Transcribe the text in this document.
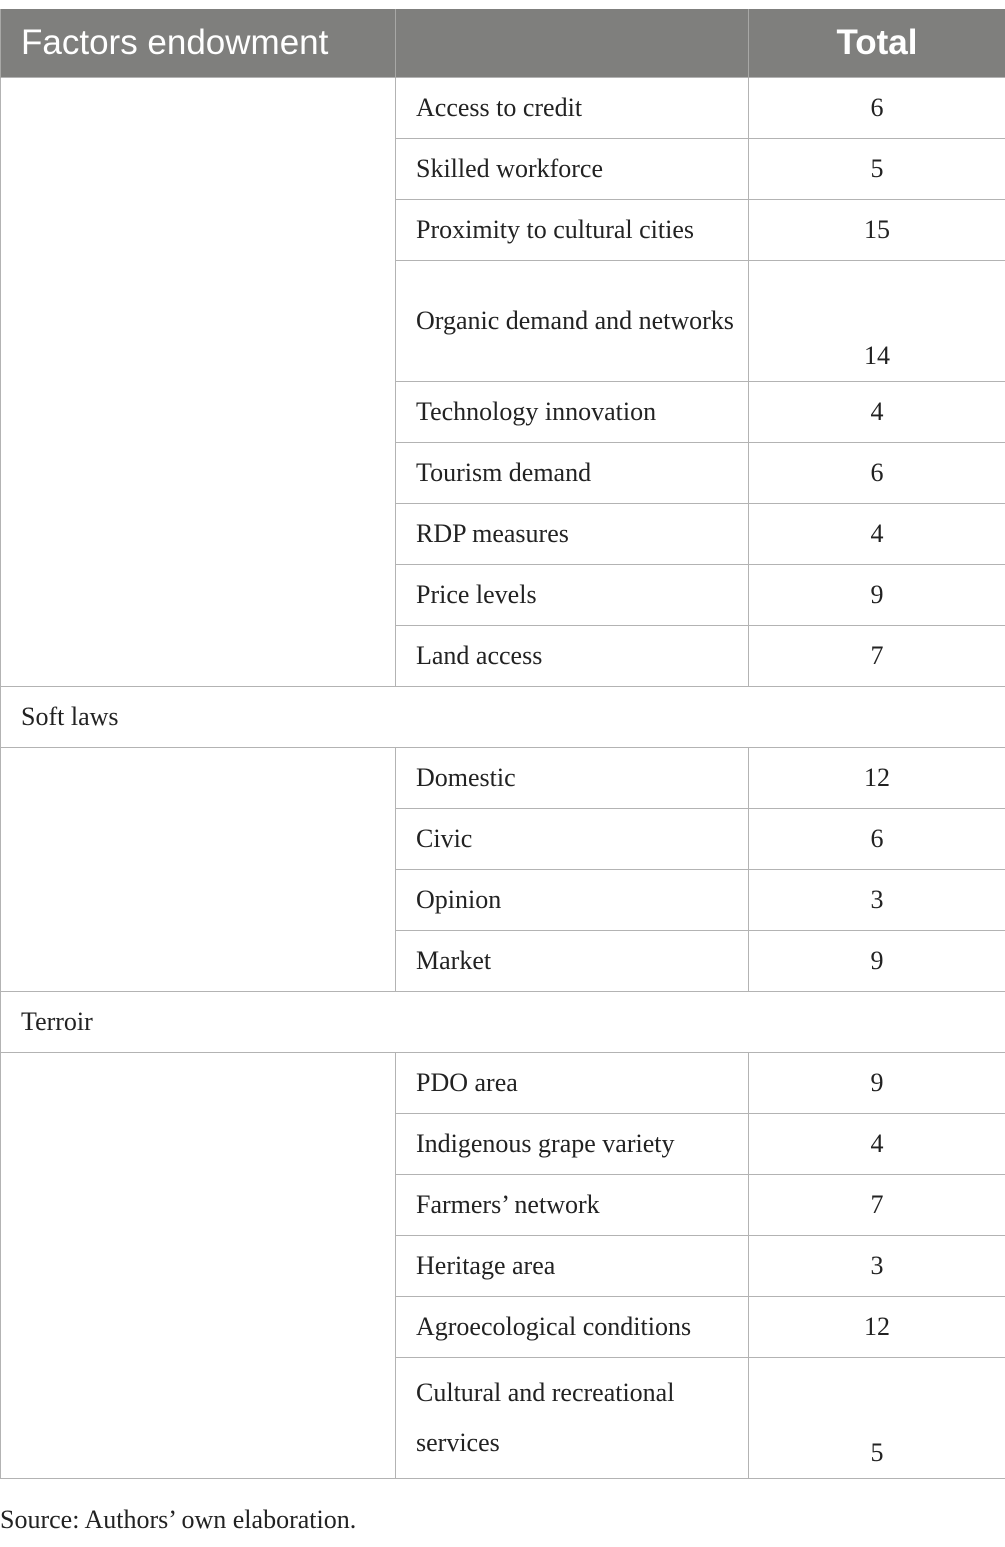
Factors endowment		Total
	Access to credit	6
	Skilled workforce	5
	Proximity to cultural cities	15
	Organic demand and networks	14
	Technology innovation	4
	Tourism demand	6
	RDP measures	4
	Price levels	9
	Land access	7
Soft laws		
	Domestic	12
	Civic	6
	Opinion	3
	Market	9
Terroir		
	PDO area	9
	Indigenous grape variety	4
	Farmers’ network	7
	Heritage area	3
	Agroecological conditions	12
	Cultural and recreational services	5
Source: Authors’ own elaboration.
